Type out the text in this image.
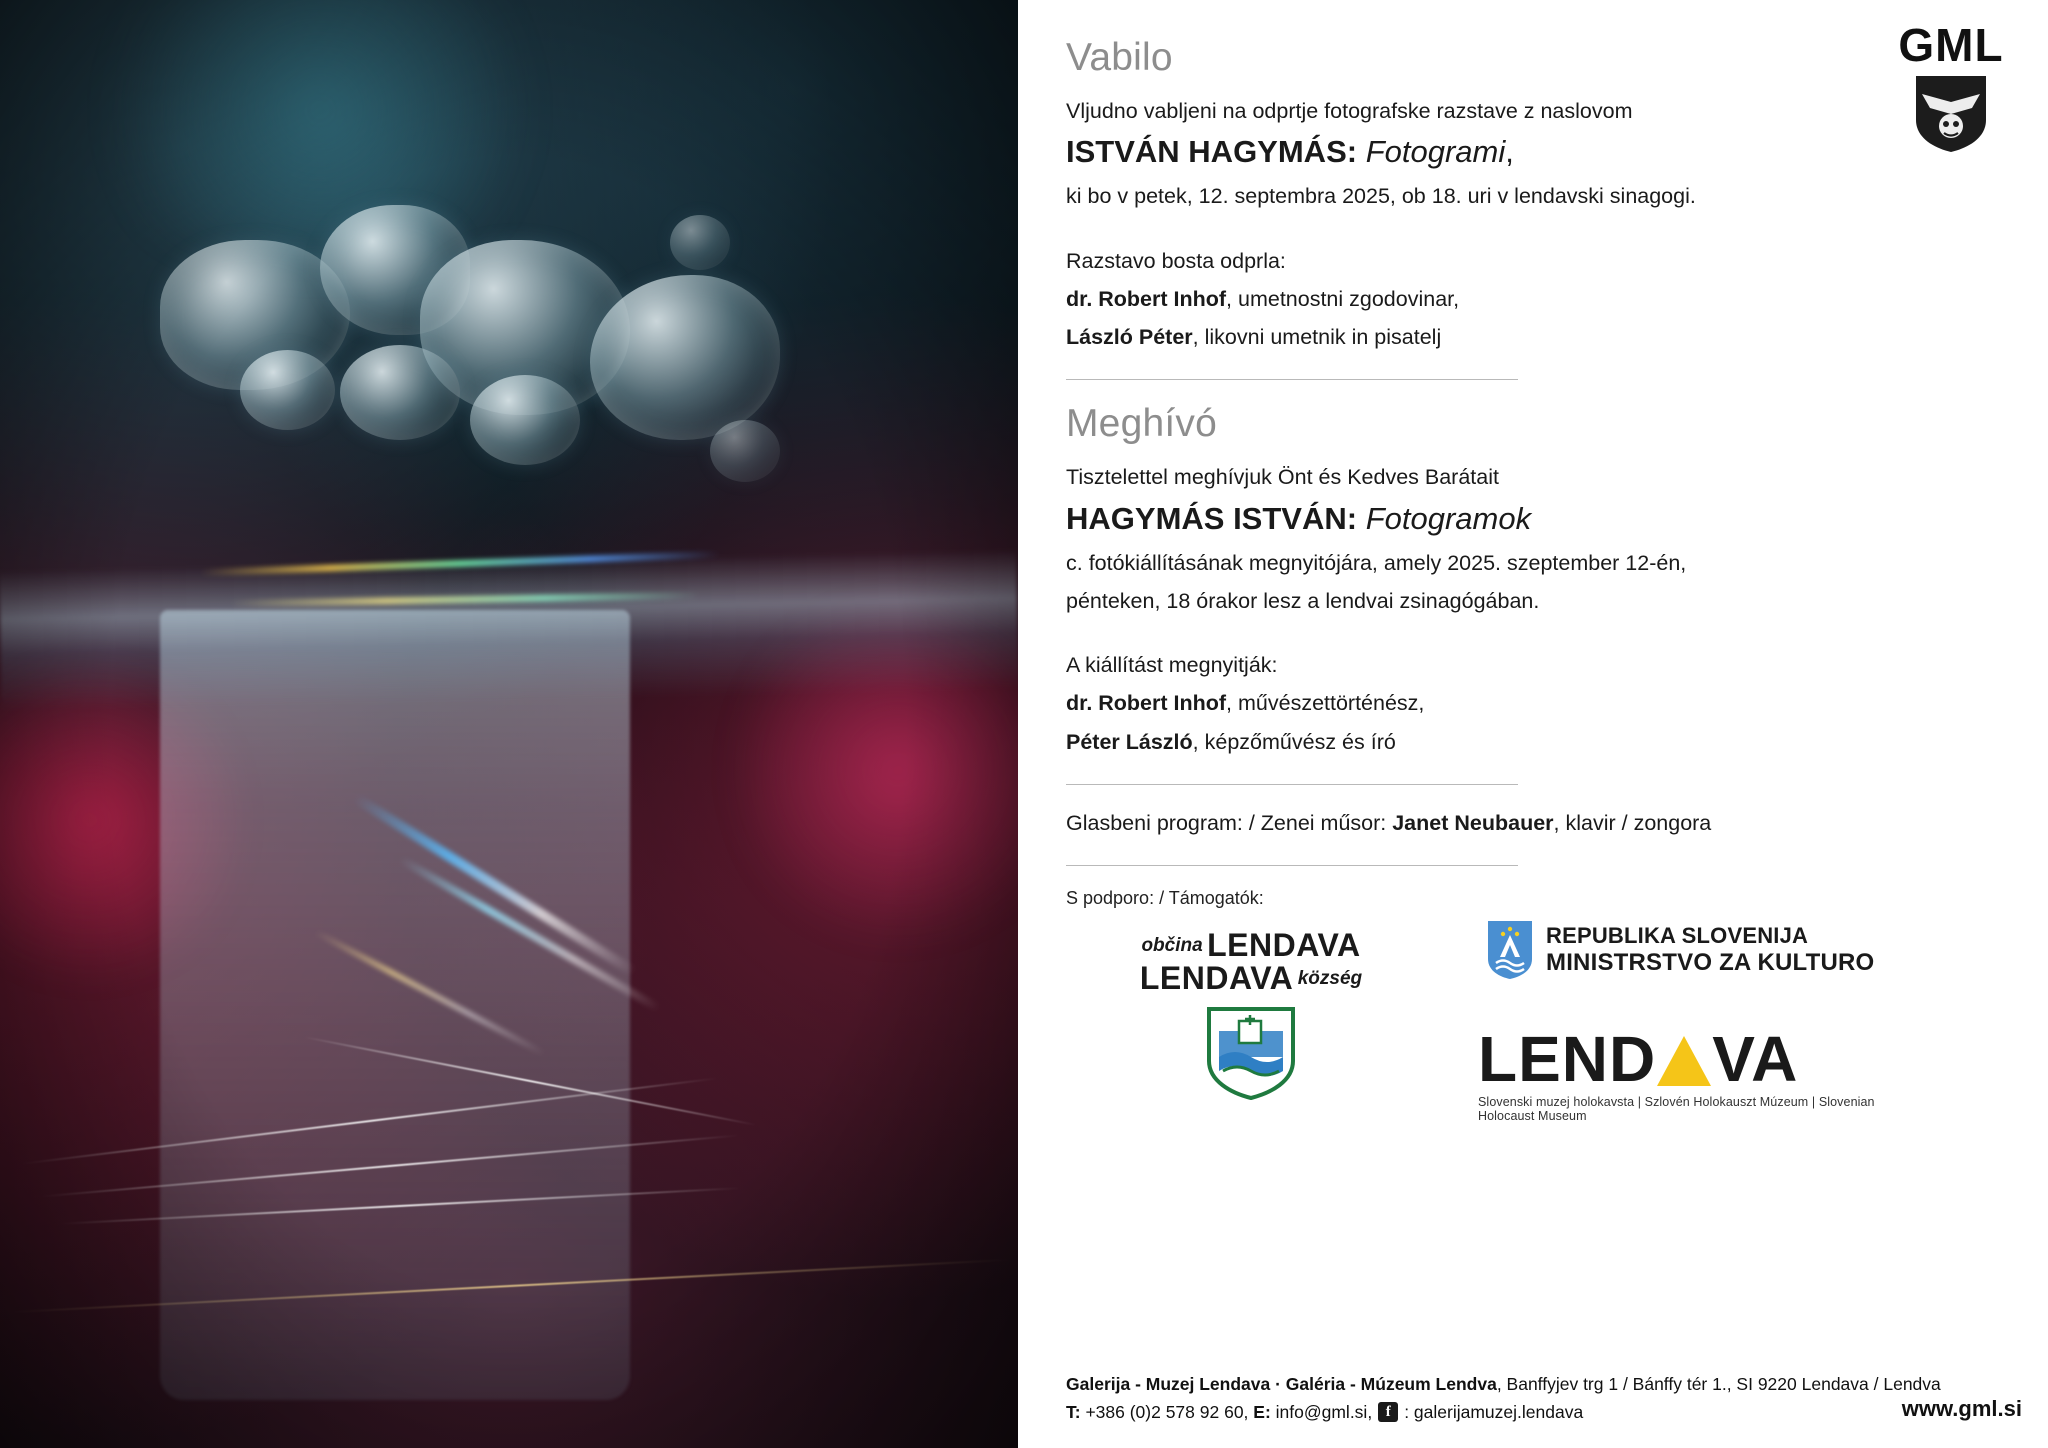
GML
Vabilo

Vljudno vabljeni na odprtje fotografske razstave z naslovom

ISTVÁN HAGYMÁS: Fotogrami,

ki bo v petek, 12. septembra 2025, ob 18. uri v lendavski sinagogi.

Razstavo bosta odprla:

dr. Robert Inhof, umetnostni zgodovinar,

László Péter, likovni umetnik in pisatelj

Meghívó

Tisztelettel meghívjuk Önt és Kedves Barátait

HAGYMÁS ISTVÁN: Fotogramok

c. fotókiállításának megnyitójára, amely 2025. szeptember 12-én,

pénteken, 18 órakor lesz a lendvai zsinagógában.

A kiállítást megnyitják:

dr. Robert Inhof, művészettörténész,

Péter László, képzőművész és író

Glasbeni program: / Zenei műsor: Janet Neubauer, klavir / zongora

S podporo: / Támogatók:
občina LENDAVA
LENDAVA község
REPUBLIKA SLOVENIJA
MINISTRSTVO ZA KULTURO
LEND VA
Slovenski muzej holokavsta | Szlovén Holokauszt Múzeum | Slovenian Holocaust Museum
Galerija - Muzej Lendava · Galéria - Múzeum Lendva, Banffyjev trg 1 / Bánffy tér 1., SI 9220 Lendava / Lendva
T: +386 (0)2 578 92 60, E: info@gml.si, f : galerijamuzej.lendava	www.gml.si
